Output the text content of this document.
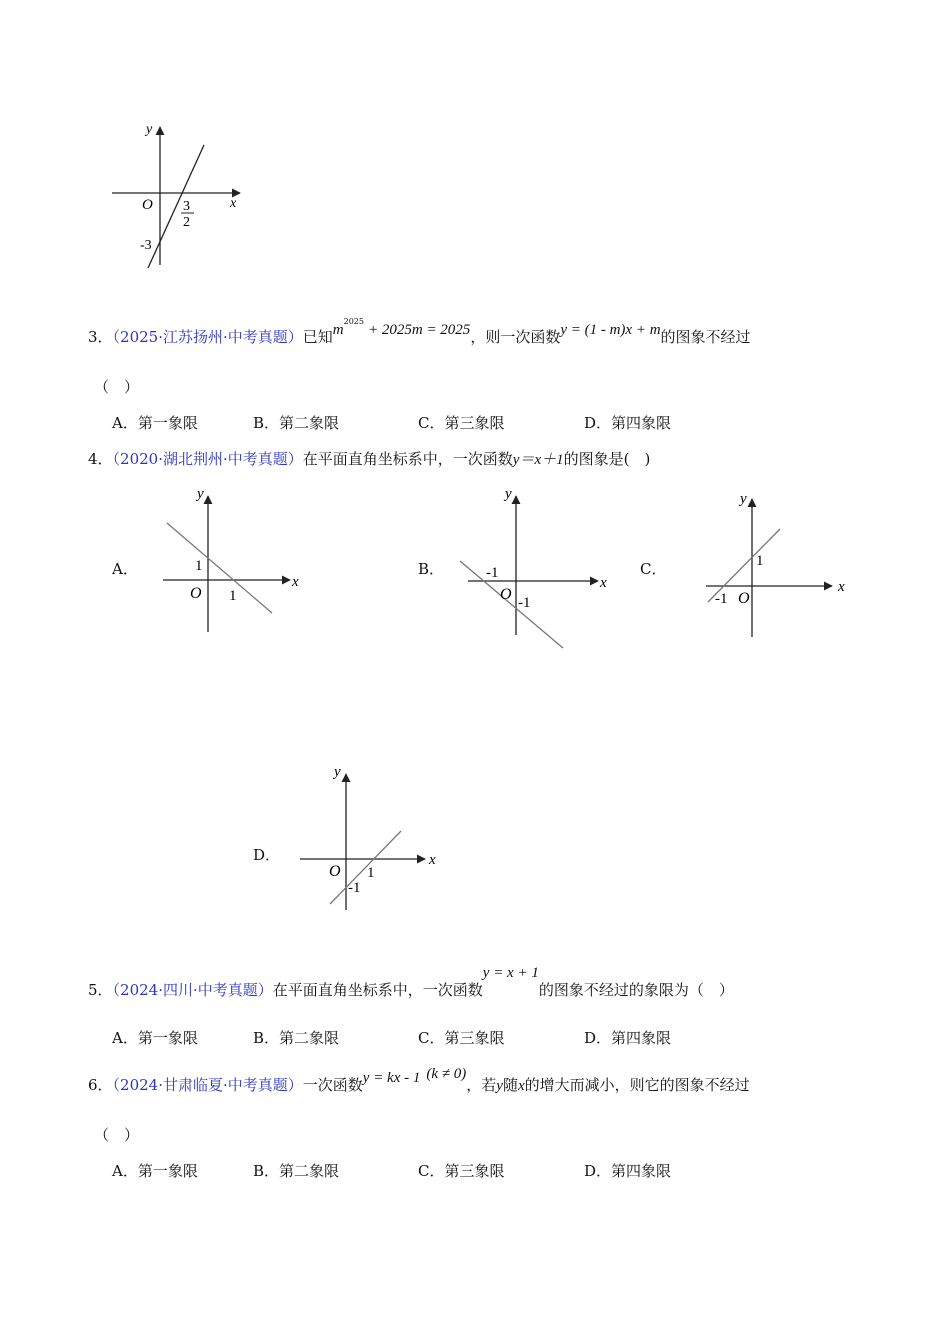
y
x
O 3
2
-3
3．（2025·江苏扬州·中考真题）已知$m^{2025}+ 2025m = 2025$，则一次函数y = (1 - m)x + m的图象不经过
（　）
A．第一象限	B．第二象限	C．第三象限	D．第四象限
4．（2020·湖北荆州·中考真题）在平面直角坐标系中，一次函数y＝x＋1的图象是(　)
A．
y
x
O
1
1
B．
y
x
O
-1
-1
C．
y
x
O
1
-1
D．
y
x
O 1
-1
5．（2024·四川·中考真题）在平面直角坐标系中，一次函数y = x + 1的图象不经过的象限为（　）
A．第一象限	B．第二象限	C．第三象限	D．第四象限
6．（2024·甘肃临夏·中考真题）一次函数y = kx - 1 (k ≠ 0)，若y随x的增大而减小，则它的图象不经过
（　）
A．第一象限	B．第二象限	C．第三象限	D．第四象限
